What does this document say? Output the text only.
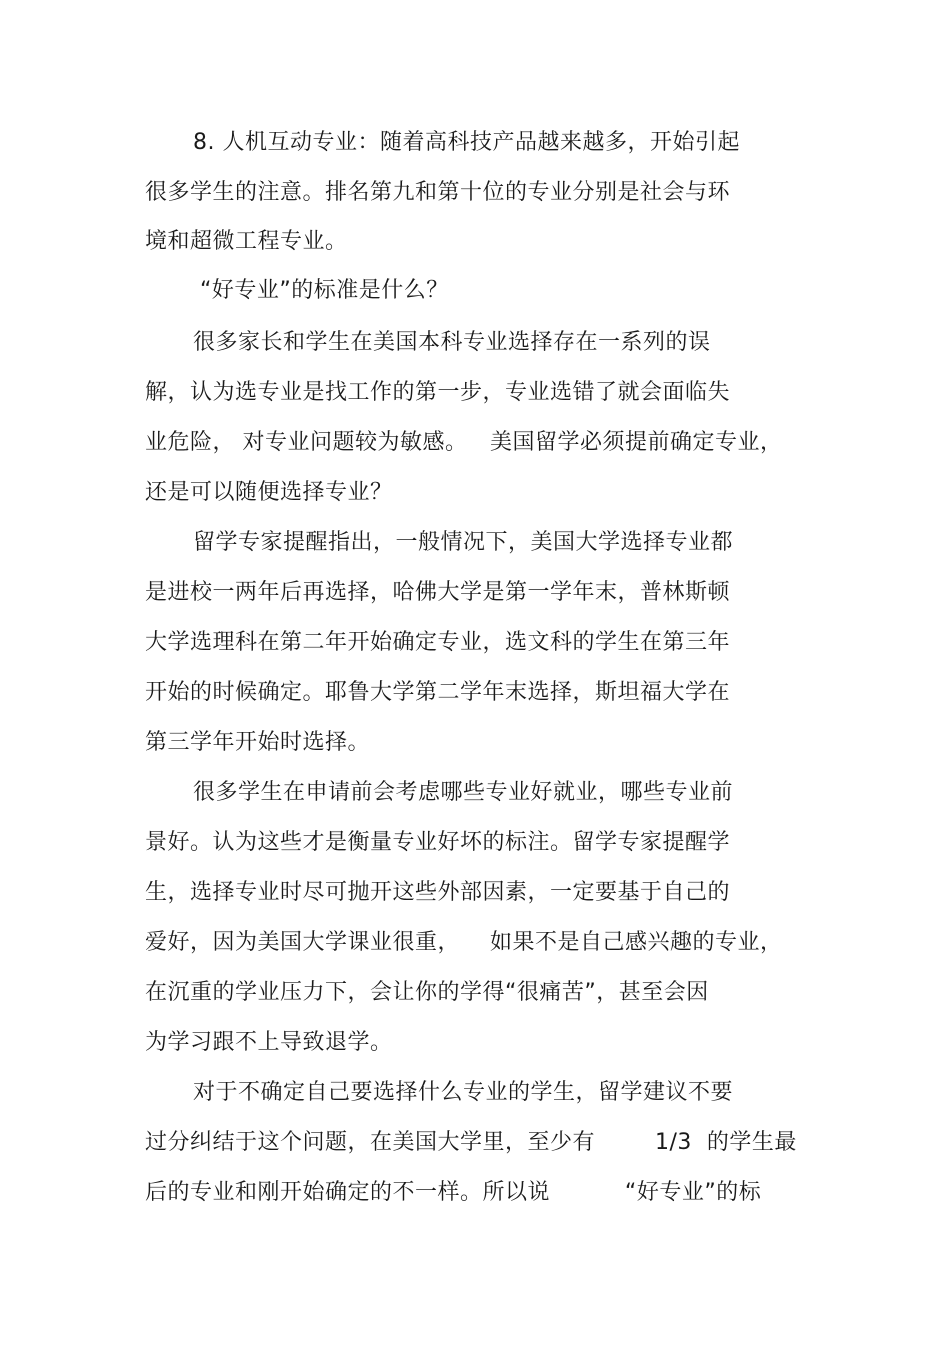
8. 人机互动专业：随着高科技产品越来越多，开始引起
很多学生的注意。排名第九和第十位的专业分别是社会与环
境和超微工程专业。
“好专业”的标准是什么？
很多家长和学生在美国本科专业选择存在一系列的误
解，认为选专业是找工作的第一步，专业选错了就会面临失
业危险， 对专业问题较为敏感。   美国留学必须提前确定专业，
还是可以随便选择专业？
留学专家提醒指出，一般情况下，美国大学选择专业都
是进校一两年后再选择，哈佛大学是第一学年末，普林斯顿
大学选理科在第二年开始确定专业，选文科的学生在第三年
开始的时候确定。耶鲁大学第二学年末选择，斯坦福大学在
第三学年开始时选择。
很多学生在申请前会考虑哪些专业好就业，哪些专业前
景好。认为这些才是衡量专业好坏的标注。留学专家提醒学
生，选择专业时尽可抛开这些外部因素，一定要基于自己的
爱好，因为美国大学课业很重，    如果不是自己感兴趣的专业，
在沉重的学业压力下，会让你的学得“很痛苦”，甚至会因
为学习跟不上导致退学。
对于不确定自己要选择什么专业的学生，留学建议不要
过分纠结于这个问题，在美国大学里，至少有        1/3  的学生最
后的专业和刚开始确定的不一样。所以说          “好专业”的标
